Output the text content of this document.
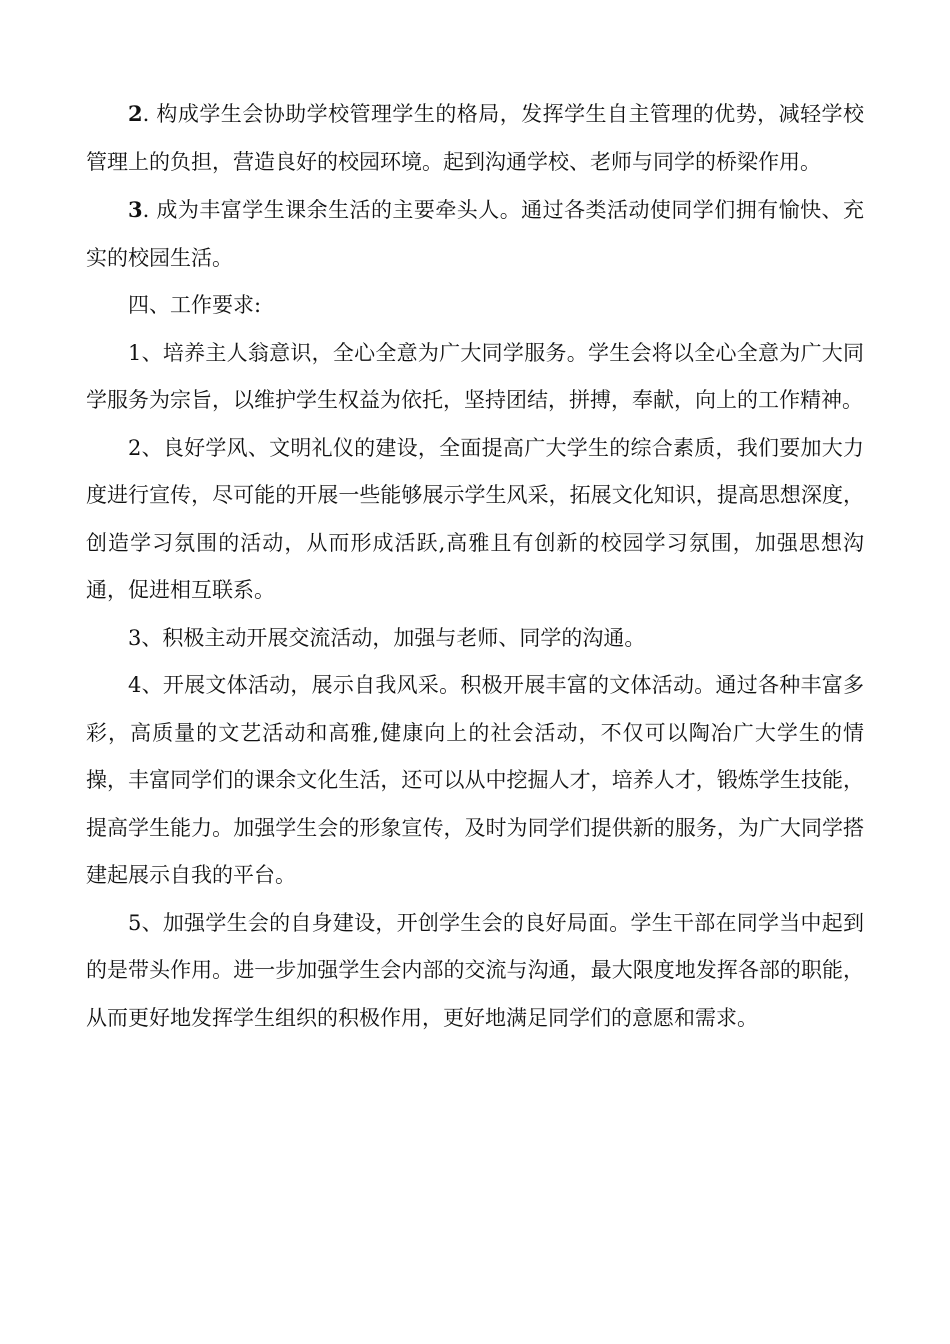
2. 构成学生会协助学校管理学生的格局，发挥学生自主管理的优势，减轻学校管理上的负担，营造良好的校园环境。起到沟通学校、老师与同学的桥梁作用。

3. 成为丰富学生课余生活的主要牵头人。通过各类活动使同学们拥有愉快、充实的校园生活。

四、工作要求:

1、培养主人翁意识，全心全意为广大同学服务。学生会将以全心全意为广大同学服务为宗旨，以维护学生权益为依托，坚持团结，拼搏，奉献，向上的工作精神。

2、良好学风、文明礼仪的建设，全面提高广大学生的综合素质，我们要加大力度进行宣传，尽可能的开展一些能够展示学生风采，拓展文化知识，提高思想深度，创造学习氛围的活动，从而形成活跃,高雅且有创新的校园学习氛围，加强思想沟通，促进相互联系。

3、积极主动开展交流活动，加强与老师、同学的沟通。

4、开展文体活动，展示自我风采。积极开展丰富的文体活动。通过各种丰富多彩，高质量的文艺活动和高雅,健康向上的社会活动，不仅可以陶冶广大学生的情操，丰富同学们的课余文化生活，还可以从中挖掘人才，培养人才，锻炼学生技能，提高学生能力。加强学生会的形象宣传，及时为同学们提供新的服务，为广大同学搭建起展示自我的平台。

5、加强学生会的自身建设，开创学生会的良好局面。学生干部在同学当中起到的是带头作用。进一步加强学生会内部的交流与沟通，最大限度地发挥各部的职能，从而更好地发挥学生组织的积极作用，更好地满足同学们的意愿和需求。
